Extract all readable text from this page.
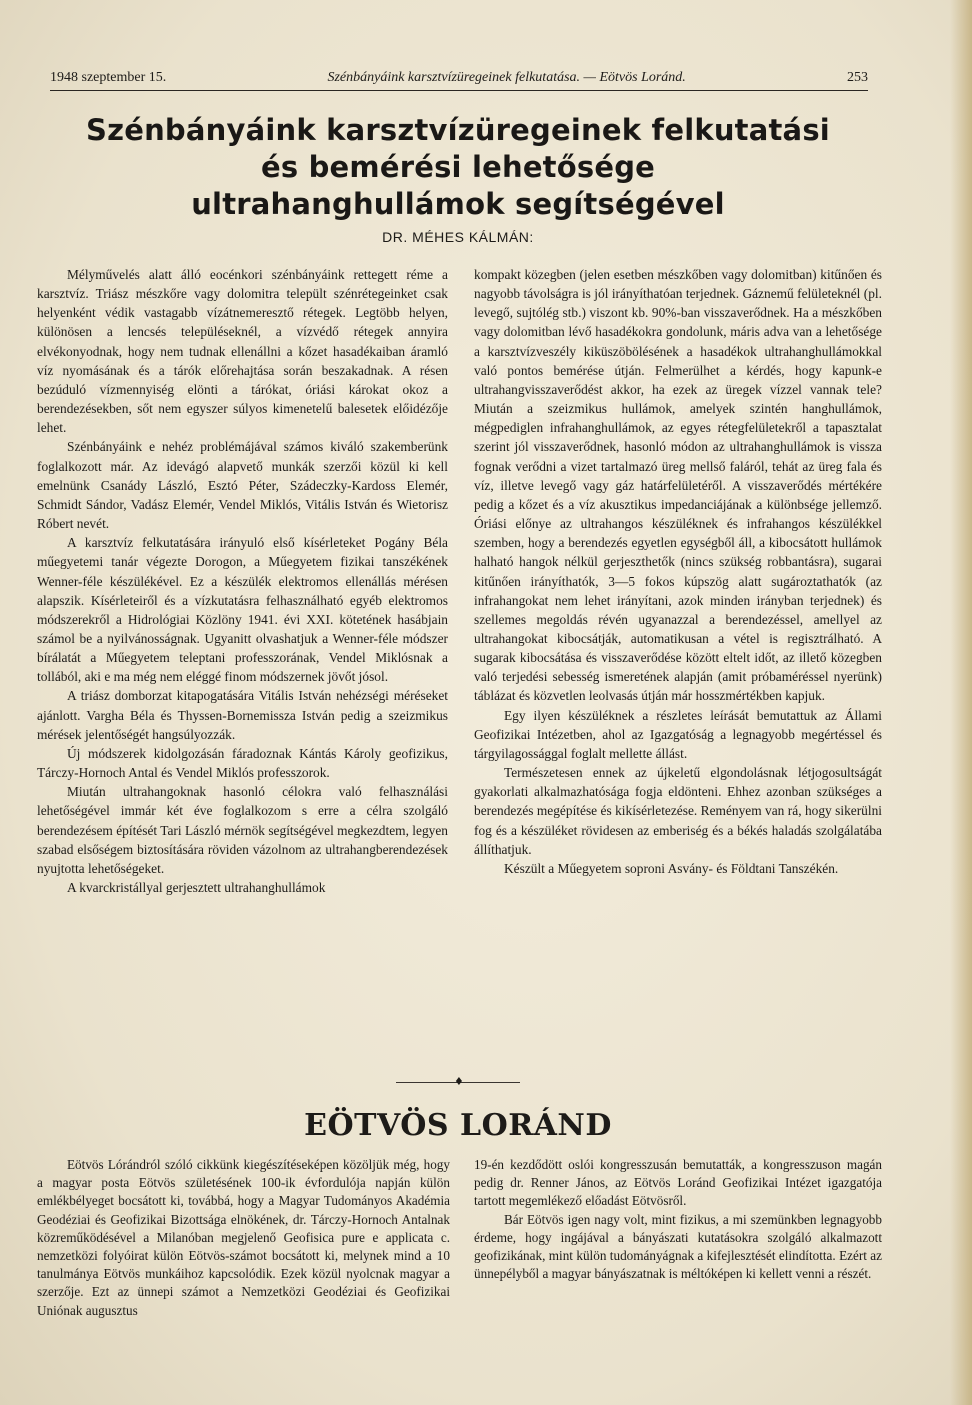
1948 szeptember 15.	Szénbányáink karsztvízüregeinek felkutatása. — Eötvös Loránd.	253
Szénbányáink karsztvízüregeinek felkutatási
és bemérési lehetősége
ultrahanghullámok segítségével
DR. MÉHES KÁLMÁN:

Mélyművelés alatt álló eocénkori szénbányáink rettegett réme a karsztvíz. Triász mészkőre vagy dolomitra települt szénrétegeinket csak helyenként védik vastagabb vízátnemeresztő rétegek. Legtöbb helyen, különösen a lencsés településeknél, a vízvédő rétegek annyira elvékonyodnak, hogy nem tudnak ellenállni a kőzet hasadékaiban áramló víz nyomásának és a tárók előrehajtása során beszakadnak. A résen bezúduló vízmennyiség elönti a tárókat, óriási károkat okoz a berendezésekben, sőt nem egyszer súlyos kimenetelű balesetek előidézője lehet.

Szénbányáink e nehéz problémájával számos kiváló szakemberünk foglalkozott már. Az idevágó alapvető munkák szerzői közül ki kell emelnünk Csanády László, Esztó Péter, Szádeczky-Kardoss Elemér, Schmidt Sándor, Vadász Elemér, Vendel Miklós, Vitális István és Wietorisz Róbert nevét.

A karsztvíz felkutatására irányuló első kísérleteket Pogány Béla műegyetemi tanár végezte Dorogon, a Műegyetem fizikai tanszékének Wenner-féle készülékével. Ez a készülék elektromos ellenállás mérésen alapszik. Kísérleteiről és a vízkutatásra felhasználható egyéb elektromos módszerekről a Hidrológiai Közlöny 1941. évi XXI. kötetének hasábjain számol be a nyilvánosságnak. Ugyanitt olvashatjuk a Wenner-féle módszer bírálatát a Műegyetem teleptani professzorának, Vendel Miklósnak a tollából, aki e ma még nem eléggé finom módszernek jövőt jósol.

A triász domborzat kitapogatására Vitális István nehézségi méréseket ajánlott. Vargha Béla és Thyssen-Bornemissza István pedig a szeizmikus mérések jelentőségét hangsúlyozzák.

Új módszerek kidolgozásán fáradoznak Kántás Károly geofizikus, Tárczy-Hornoch Antal és Vendel Miklós professzorok.

Miután ultrahangoknak hasonló célokra való felhasználási lehetőségével immár két éve foglalkozom s erre a célra szolgáló berendezésem építését Tari László mérnök segítségével megkezdtem, legyen szabad elsőségem biztosítására röviden vázolnom az ultrahangberendezések nyujtotta lehetőségeket.

A kvarckristállyal gerjesztett ultrahanghullámok

kompakt közegben (jelen esetben mészkőben vagy dolomitban) kitűnően és nagyobb távolságra is jól irányíthatóan terjednek. Gáznemű felületeknél (pl. levegő, sujtólég stb.) viszont kb. 90%-ban visszaverődnek. Ha a mészkőben vagy dolomitban lévő hasadékokra gondolunk, máris adva van a lehetősége a karsztvízveszély kiküszöbölésének a hasadékok ultrahanghullámokkal való pontos bemérése útján. Felmerülhet a kérdés, hogy kapunk-e ultrahangvisszaverődést akkor, ha ezek az üregek vízzel vannak tele? Miután a szeizmikus hullámok, amelyek szintén hanghullámok, mégpediglen infrahanghullámok, az egyes rétegfelületekről a tapasztalat szerint jól visszaverődnek, hasonló módon az ultrahanghullámok is vissza fognak verődni a vizet tartalmazó üreg mellső faláról, tehát az üreg fala és víz, illetve levegő vagy gáz határfelületéről. A visszaverődés mértékére pedig a kőzet és a víz akusztikus impedanciájának a különbsége jellemző. Óriási előnye az ultrahangos készüléknek és infrahangos készülékkel szemben, hogy a berendezés egyetlen egységből áll, a kibocsátott hullámok halható hangok nélkül gerjeszthetők (nincs szükség robbantásra), sugarai kitűnően irányíthatók, 3—5 fokos kúpszög alatt sugároztathatók (az infrahangokat nem lehet irányítani, azok minden irányban terjednek) és szellemes megoldás révén ugyanazzal a berendezéssel, amellyel az ultrahangokat kibocsátják, automatikusan a vétel is regisztrálható. A sugarak kibocsátása és visszaverődése között eltelt időt, az illető közegben való terjedési sebesség ismeretének alapján (amit próbaméréssel nyerünk) táblázat és közvetlen leolvasás útján már hosszmértékben kapjuk.

Egy ilyen készüléknek a részletes leírását bemutattuk az Állami Geofizikai Intézetben, ahol az Igazgatóság a legnagyobb megértéssel és tárgyilagossággal foglalt mellette állást.

Természetesen ennek az újkeletű elgondolásnak létjogosultságát gyakorlati alkalmazhatósága fogja eldönteni. Ehhez azonban szükséges a berendezés megépítése és kikísérletezése. Reményem van rá, hogy sikerülni fog és a készüléket rövidesen az emberiség és a békés haladás szolgálatába állíthatjuk.

Készült a Műegyetem soproni Asvány- és Földtani Tanszékén.

♦
EÖTVÖS LORÁND

Eötvös Lórándról szóló cikkünk kiegészítéseképen közöljük még, hogy a magyar posta Eötvös születésének 100-ik évfordulója napján külön emlékbélyeget bocsátott ki, továbbá, hogy a Magyar Tudományos Akadémia Geodéziai és Geofizikai Bizottsága elnökének, dr. Tárczy-Hornoch Antalnak közreműködésével a Milanóban megjelenő Geofisica pure e applicata c. nemzetközi folyóirat külön Eötvös-számot bocsátott ki, melynek mind a 10 tanulmánya Eötvös munkáihoz kapcsolódik. Ezek közül nyolcnak magyar a szerzője. Ezt az ünnepi számot a Nemzetközi Geodéziai és Geofizikai Uniónak augusztus

19-én kezdődött oslói kongresszusán bemutatták, a kongresszuson magán pedig dr. Renner János, az Eötvös Loránd Geofizikai Intézet igazgatója tartott megemlékező előadást Eötvösről.

Bár Eötvös igen nagy volt, mint fizikus, a mi szemünkben legnagyobb érdeme, hogy ingájával a bányászati kutatásokra szolgáló alkalmazott geofizikának, mint külön tudományágnak a kifejlesztését elindította. Ezért az ünnepélyből a magyar bányászatnak is méltóképen ki kellett venni a részét.
